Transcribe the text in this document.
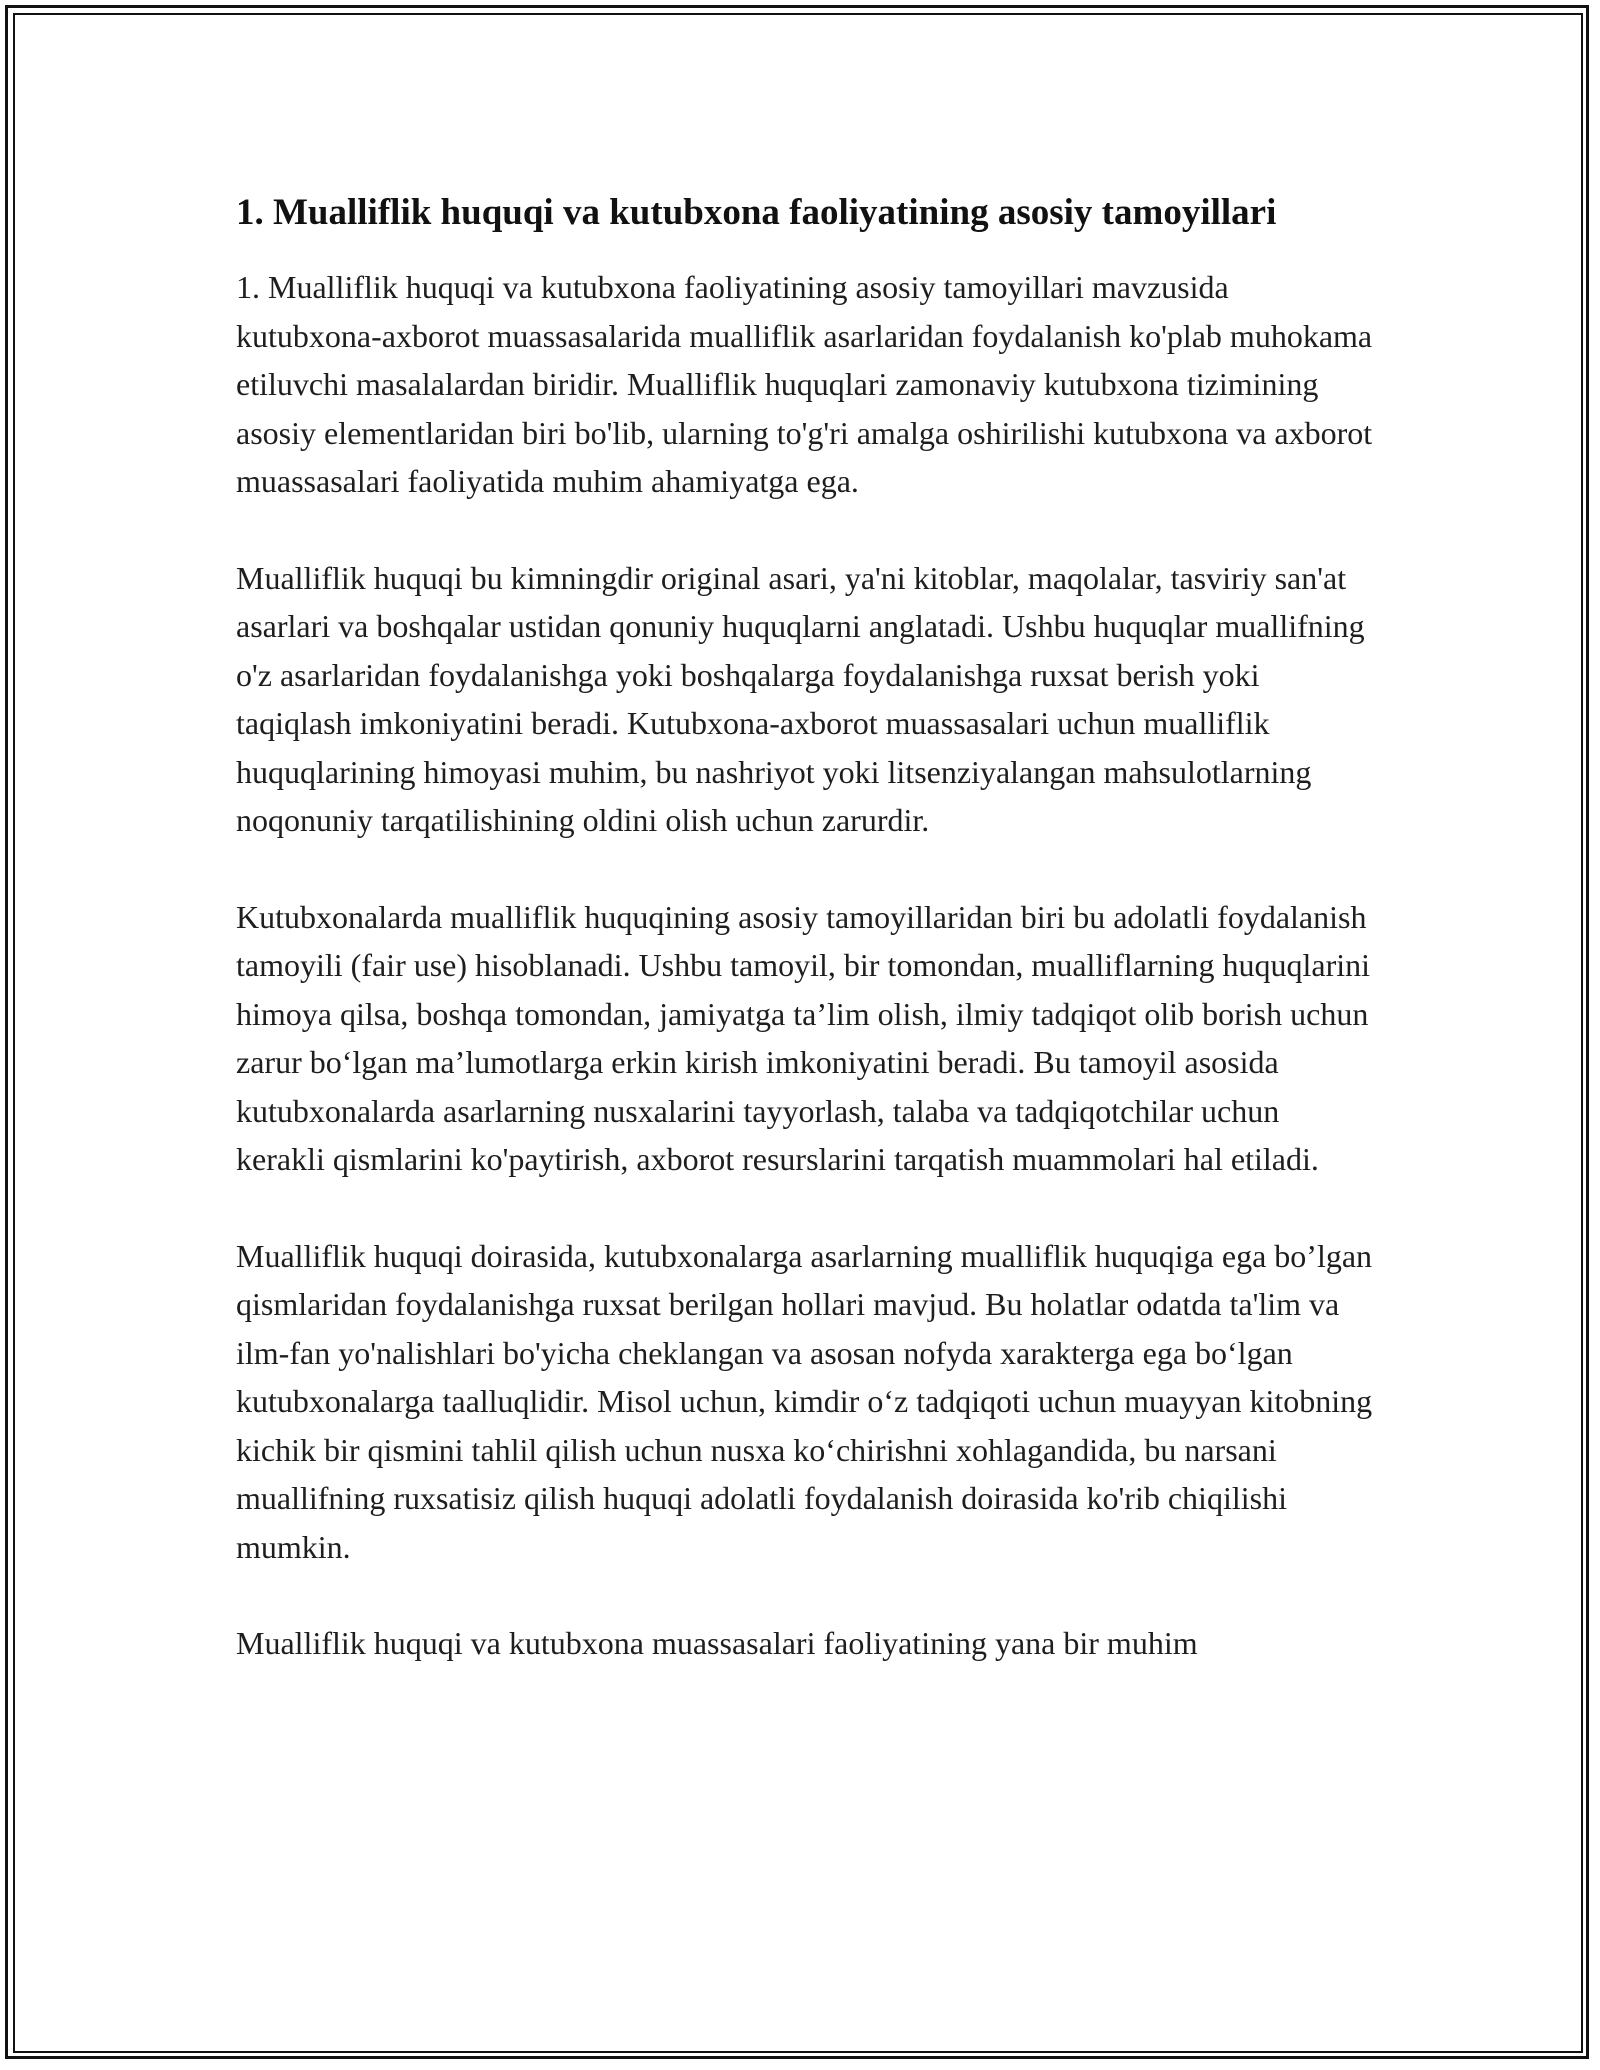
1. Mualliflik huquqi va kutubxona faoliyatining asosiy tamoyillari

1. Mualliflik huquqi va kutubxona faoliyatining asosiy tamoyillari mavzusida kutubxona-axborot muassasalarida mualliflik asarlaridan foydalanish ko'plab muhokama etiluvchi masalalardan biridir. Mualliflik huquqlari zamonaviy kutubxona tizimining asosiy elementlaridan biri bo'lib, ularning to'g'ri amalga oshirilishi kutubxona va axborot muassasalari faoliyatida muhim ahamiyatga ega.

Mualliflik huquqi bu kimningdir original asari, ya'ni kitoblar, maqolalar, tasviriy san'at asarlari va boshqalar ustidan qonuniy huquqlarni anglatadi. Ushbu huquqlar muallifning o'z asarlaridan foydalanishga yoki boshqalarga foydalanishga ruxsat berish yoki taqiqlash imkoniyatini beradi. Kutubxona-axborot muassasalari uchun mualliflik huquqlarining himoyasi muhim, bu nashriyot yoki litsenziyalangan mahsulotlarning noqonuniy tarqatilishining oldini olish uchun zarurdir.

Kutubxonalarda mualliflik huquqining asosiy tamoyillaridan biri bu adolatli foydalanish tamoyili (fair use) hisoblanadi. Ushbu tamoyil, bir tomondan, mualliflarning huquqlarini himoya qilsa, boshqa tomondan, jamiyatga ta’lim olish, ilmiy tadqiqot olib borish uchun zarur bo‘lgan ma’lumotlarga erkin kirish imkoniyatini beradi. Bu tamoyil asosida kutubxonalarda asarlarning nusxalarini tayyorlash, talaba va tadqiqotchilar uchun kerakli qismlarini ko'paytirish, axborot resurslarini tarqatish muammolari hal etiladi.

Mualliflik huquqi doirasida, kutubxonalarga asarlarning mualliflik huquqiga ega bo’lgan qismlaridan foydalanishga ruxsat berilgan hollari mavjud. Bu holatlar odatda ta'lim va ilm-fan yo'nalishlari bo'yicha cheklangan va asosan nofyda xarakterga ega bo‘lgan kutubxonalarga taalluqlidir. Misol uchun, kimdir o‘z tadqiqoti uchun muayyan kitobning kichik bir qismini tahlil qilish uchun nusxa ko‘chirishni xohlagandida, bu narsani muallifning ruxsatisiz qilish huquqi adolatli foydalanish doirasida ko'rib chiqilishi mumkin.

Mualliflik huquqi va kutubxona muassasalari faoliyatining yana bir muhim
